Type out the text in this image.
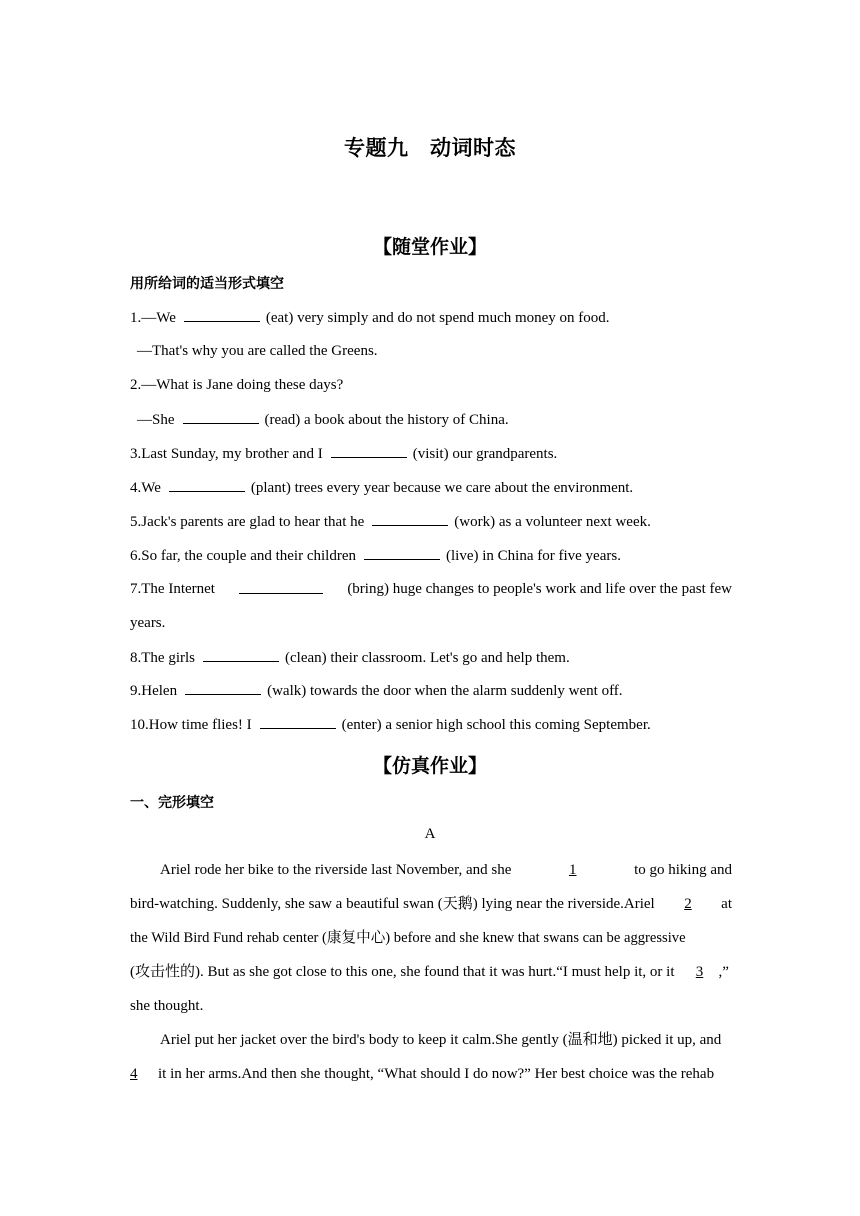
专题九　动词时态
【随堂作业】
用所给词的适当形式填空
1.—We	(eat) very simply and do not spend much money on food.
—That's why you are called the Greens.
2.—What is Jane doing these days?
—She	(read) a book about the history of China.
3.Last Sunday, my brother and I	(visit) our grandparents.
4.We	(plant) trees every year because we care about the environment.
5.Jack's parents are glad to hear that he	(work) as a volunteer next week.
6.So far, the couple and their children	(live) in China for five years.
7.The Internet	(bring) huge changes to people's work and life over the past few
years.
8.The girls	(clean) their classroom. Let's go and help them.
9.Helen	(walk) towards the door when the alarm suddenly went off.
10.How time flies! I	(enter) a senior high school this coming September.
【仿真作业】
一、完形填空
A
Ariel rode her bike to the riverside last November, and she	1	to go hiking and
bird-watching. Suddenly, she saw a beautiful swan (天鹅) lying near the riverside.Ariel	2	at
the Wild Bird Fund rehab center (康复中心) before and she knew that swans can be aggressive
(攻击性的). But as she got close to this one, she found that it was hurt.“I must help it, or it 3 ,”
she thought.
Ariel put her jacket over the bird's body to keep it calm.She gently (温和地) picked it up, and
4 it in her arms.And then she thought, “What should I do now?” Her best choice was the rehab
